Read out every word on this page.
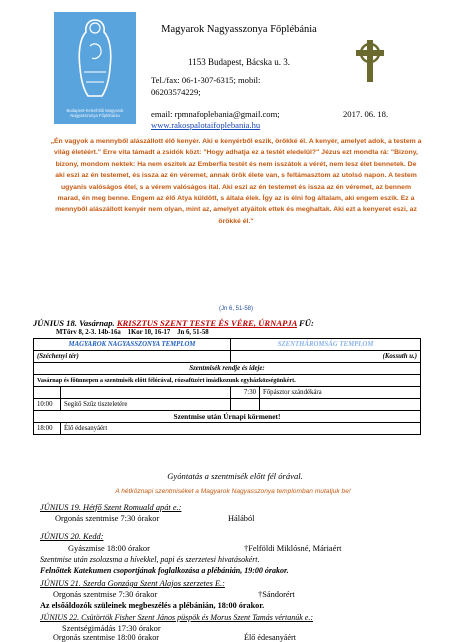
Budapest-Kelenföldi Magyarok Nagyasszonya Főplébánia
Magyarok Nagyasszonya Főplébánia
1153 Budapest, Bácska u. 3.
Tel./fax: 06-1-307-6315; mobil:
06203574229;
email: rpmnafoplebania@gmail.com;
www.rakospalotaifoplebania.hu
2017. 06. 18.
„Én vagyok a mennyből alászállott élő kenyér. Aki e kenyérből eszik, örökké él. A kenyér, amelyet adok, a testem a világ életéért." Erre vita támadt a zsidók közt: "Hogy adhatja ez a testét eledelül?" Jézus ezt mondta rá: "Bizony, bizony, mondom nektek: Ha nem eszitek az Emberfia testét és nem isszátok a vérét, nem lesz élet bennetek. De aki eszi az én testemet, és issza az én véremet, annak örök élete van, s feltámasztom az utolsó napon. A testem ugyanis valóságos étel, s a vérem valóságos ital. Aki eszi az én testemet és issza az én véremet, az bennem marad, én meg benne. Engem az élő Atya küldött, s általa élek. Így az is élni fog általam, aki engem eszik. Ez a mennyből alászállott kenyér nem olyan, mint az, amelyet atyáitok ettek és meghaltak. Aki ezt a kenyeret eszi, az örökké él."
(Jn 6, 51-58)
JÚNIUS 18. Vasárnap. KRISZTUS SZENT TESTE ÉS VÉRE, ÚRNAPJA FÜ:
MTörv 8, 2-3. 14b-16a 1Kor 10, 16-17 Jn 6, 51-58
MAGYAROK NAGYASSZONYA TEMPLOM		SZENTHÁROMSÁG TEMPLOM	
(Széchenyi tér)		(Kossuth u.)	
Szentmisék rendje és ideje:			
Vasárnap és főünnepen a szentmisék előtt félórával, rózsafüzért imádkozunk egyházközségünkért.			
		7:30	Főpásztor szándékára
10:00	Segítő Szűz tiszteletére		
Szentmise után Úrnapi körmenet!			
18:00	Élő édesanyáért		
Gyóntatás a szentmisék előtt fél órával.
A hétköznapi szentmiséket a Magyarok Nagyasszonya templomban mutatjuk be!
JÚNIUS 19. Hétfő Szent Romuald apát e.:
Orgonás szentmise 7:30 órakor	Hálából
JÚNIUS 20. Kedd:
Gyászmise 18:00 órakor	†Felföldi Miklósné, Máriaért
Szentmise után zsolozsma a hívekkel, papi és szerzetesi hivatásokért.
Felnőttek Katekumen csoportjának foglalkozása a plébánián, 19:00 órakor.
JÚNIUS 21. Szerda Gonzága Szent Alajos szerzetes E.:
Orgonás szentmise 7:30 órakor	†Sándorért
Az elsőáldozók szüleinek megbeszélés a plébánián, 18:00 órakor.
JÚNIUS 22. Csütörtök Fisher Szent János püspök és Morus Szent Tamás vértanúk e.:
Szentségimádás 17:30 órakor
Orgonás szentmise 18:00 órakor	Élő édesanyáért
